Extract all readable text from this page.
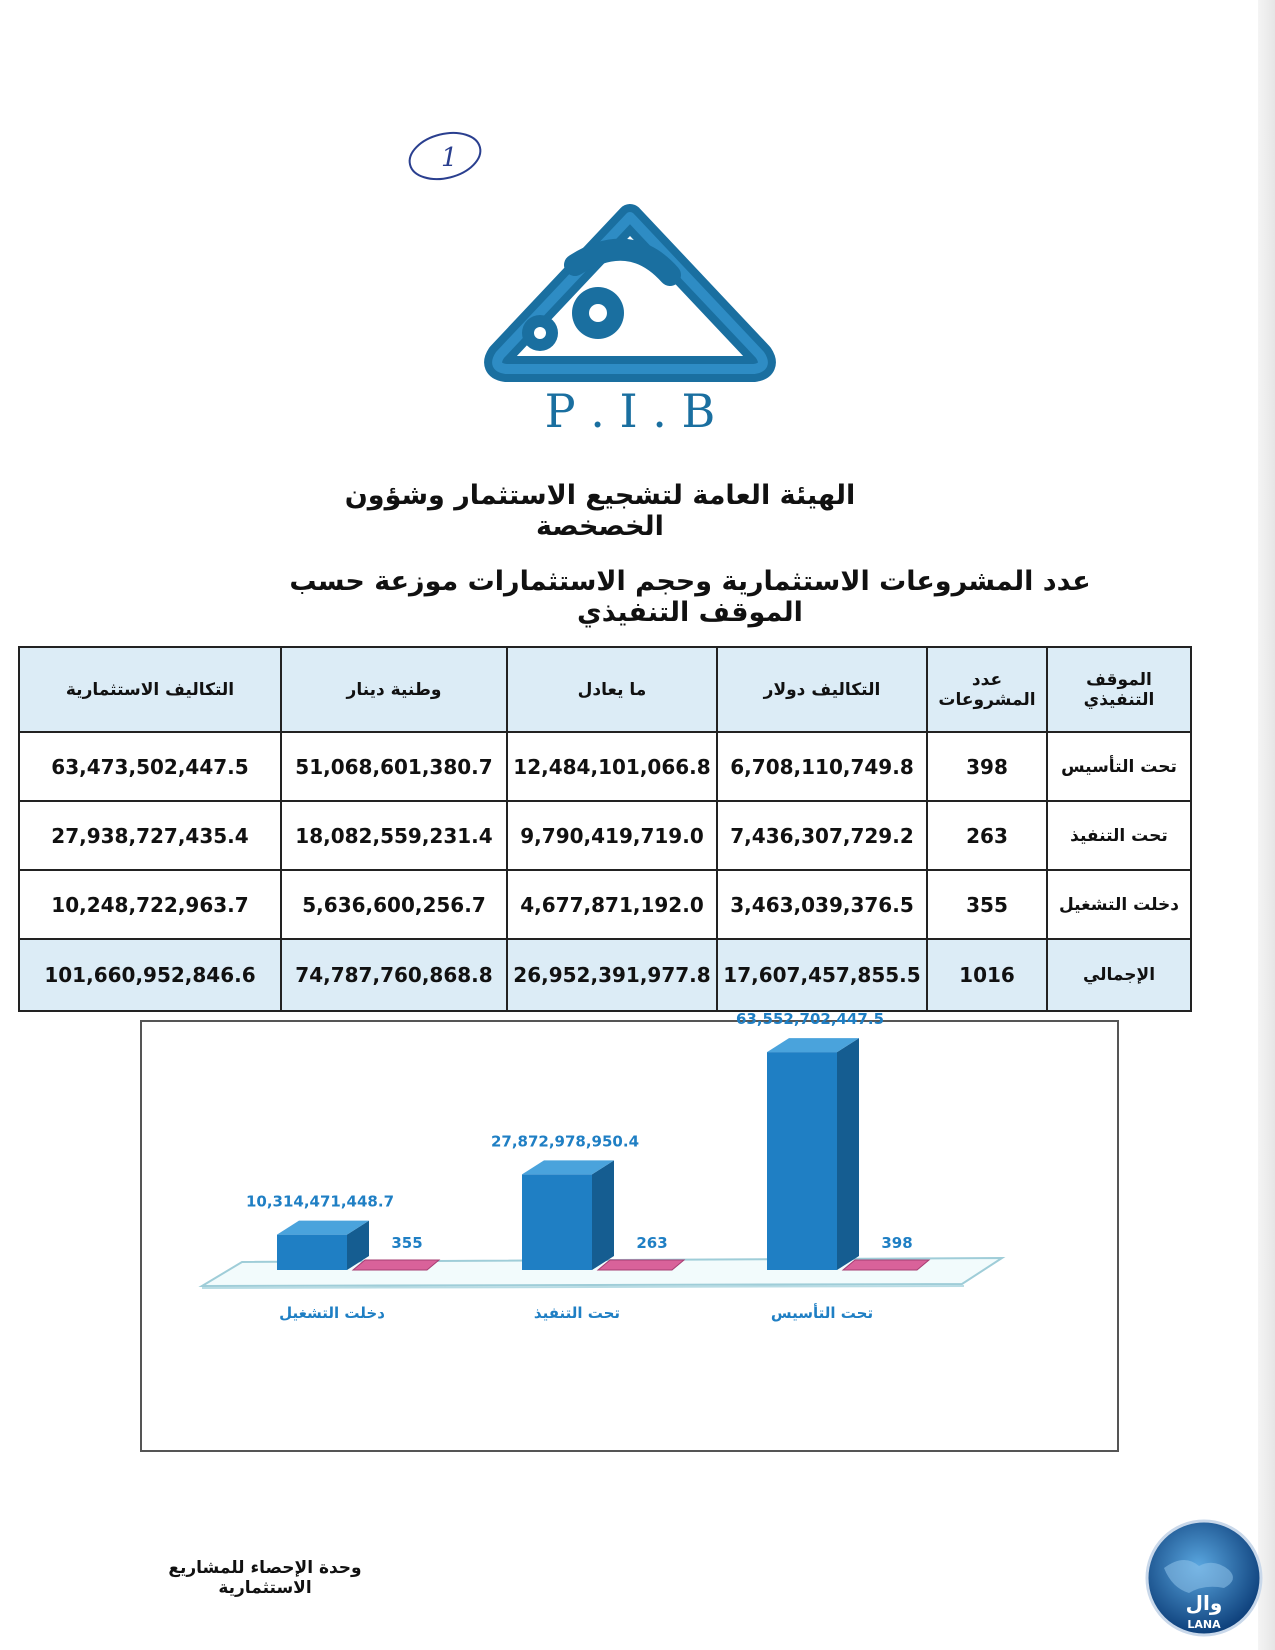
1
P . I . B
الهيئة العامة لتشجيع الاستثمار وشؤون الخصخصة
عدد المشروعات الاستثمارية وحجم الاستثمارات موزعة حسب الموقف التنفيذي
الموقف التنفيذي	عدد المشروعات	التكاليف دولار	ما يعادل	وطنية دينار	التكاليف الاستثمارية
تحت التأسيس	398	6,708,110,749.8	12,484,101,066.8	51,068,601,380.7	63,473,502,447.5
تحت التنفيذ	263	7,436,307,729.2	9,790,419,719.0	18,082,559,231.4	27,938,727,435.4
دخلت التشغيل	355	3,463,039,376.5	4,677,871,192.0	5,636,600,256.7	10,248,722,963.7
الإجمالي	1016	17,607,457,855.5	26,952,391,977.8	74,787,760,868.8	101,660,952,846.6
10,314,471,448.7
355
دخلت التشغيل
27,872,978,950.4
263
تحت التنفيذ
63,552,702,447.5
398
تحت التأسيس
وحدة الإحصاء للمشاريع الاستثمارية
وال
LANA
